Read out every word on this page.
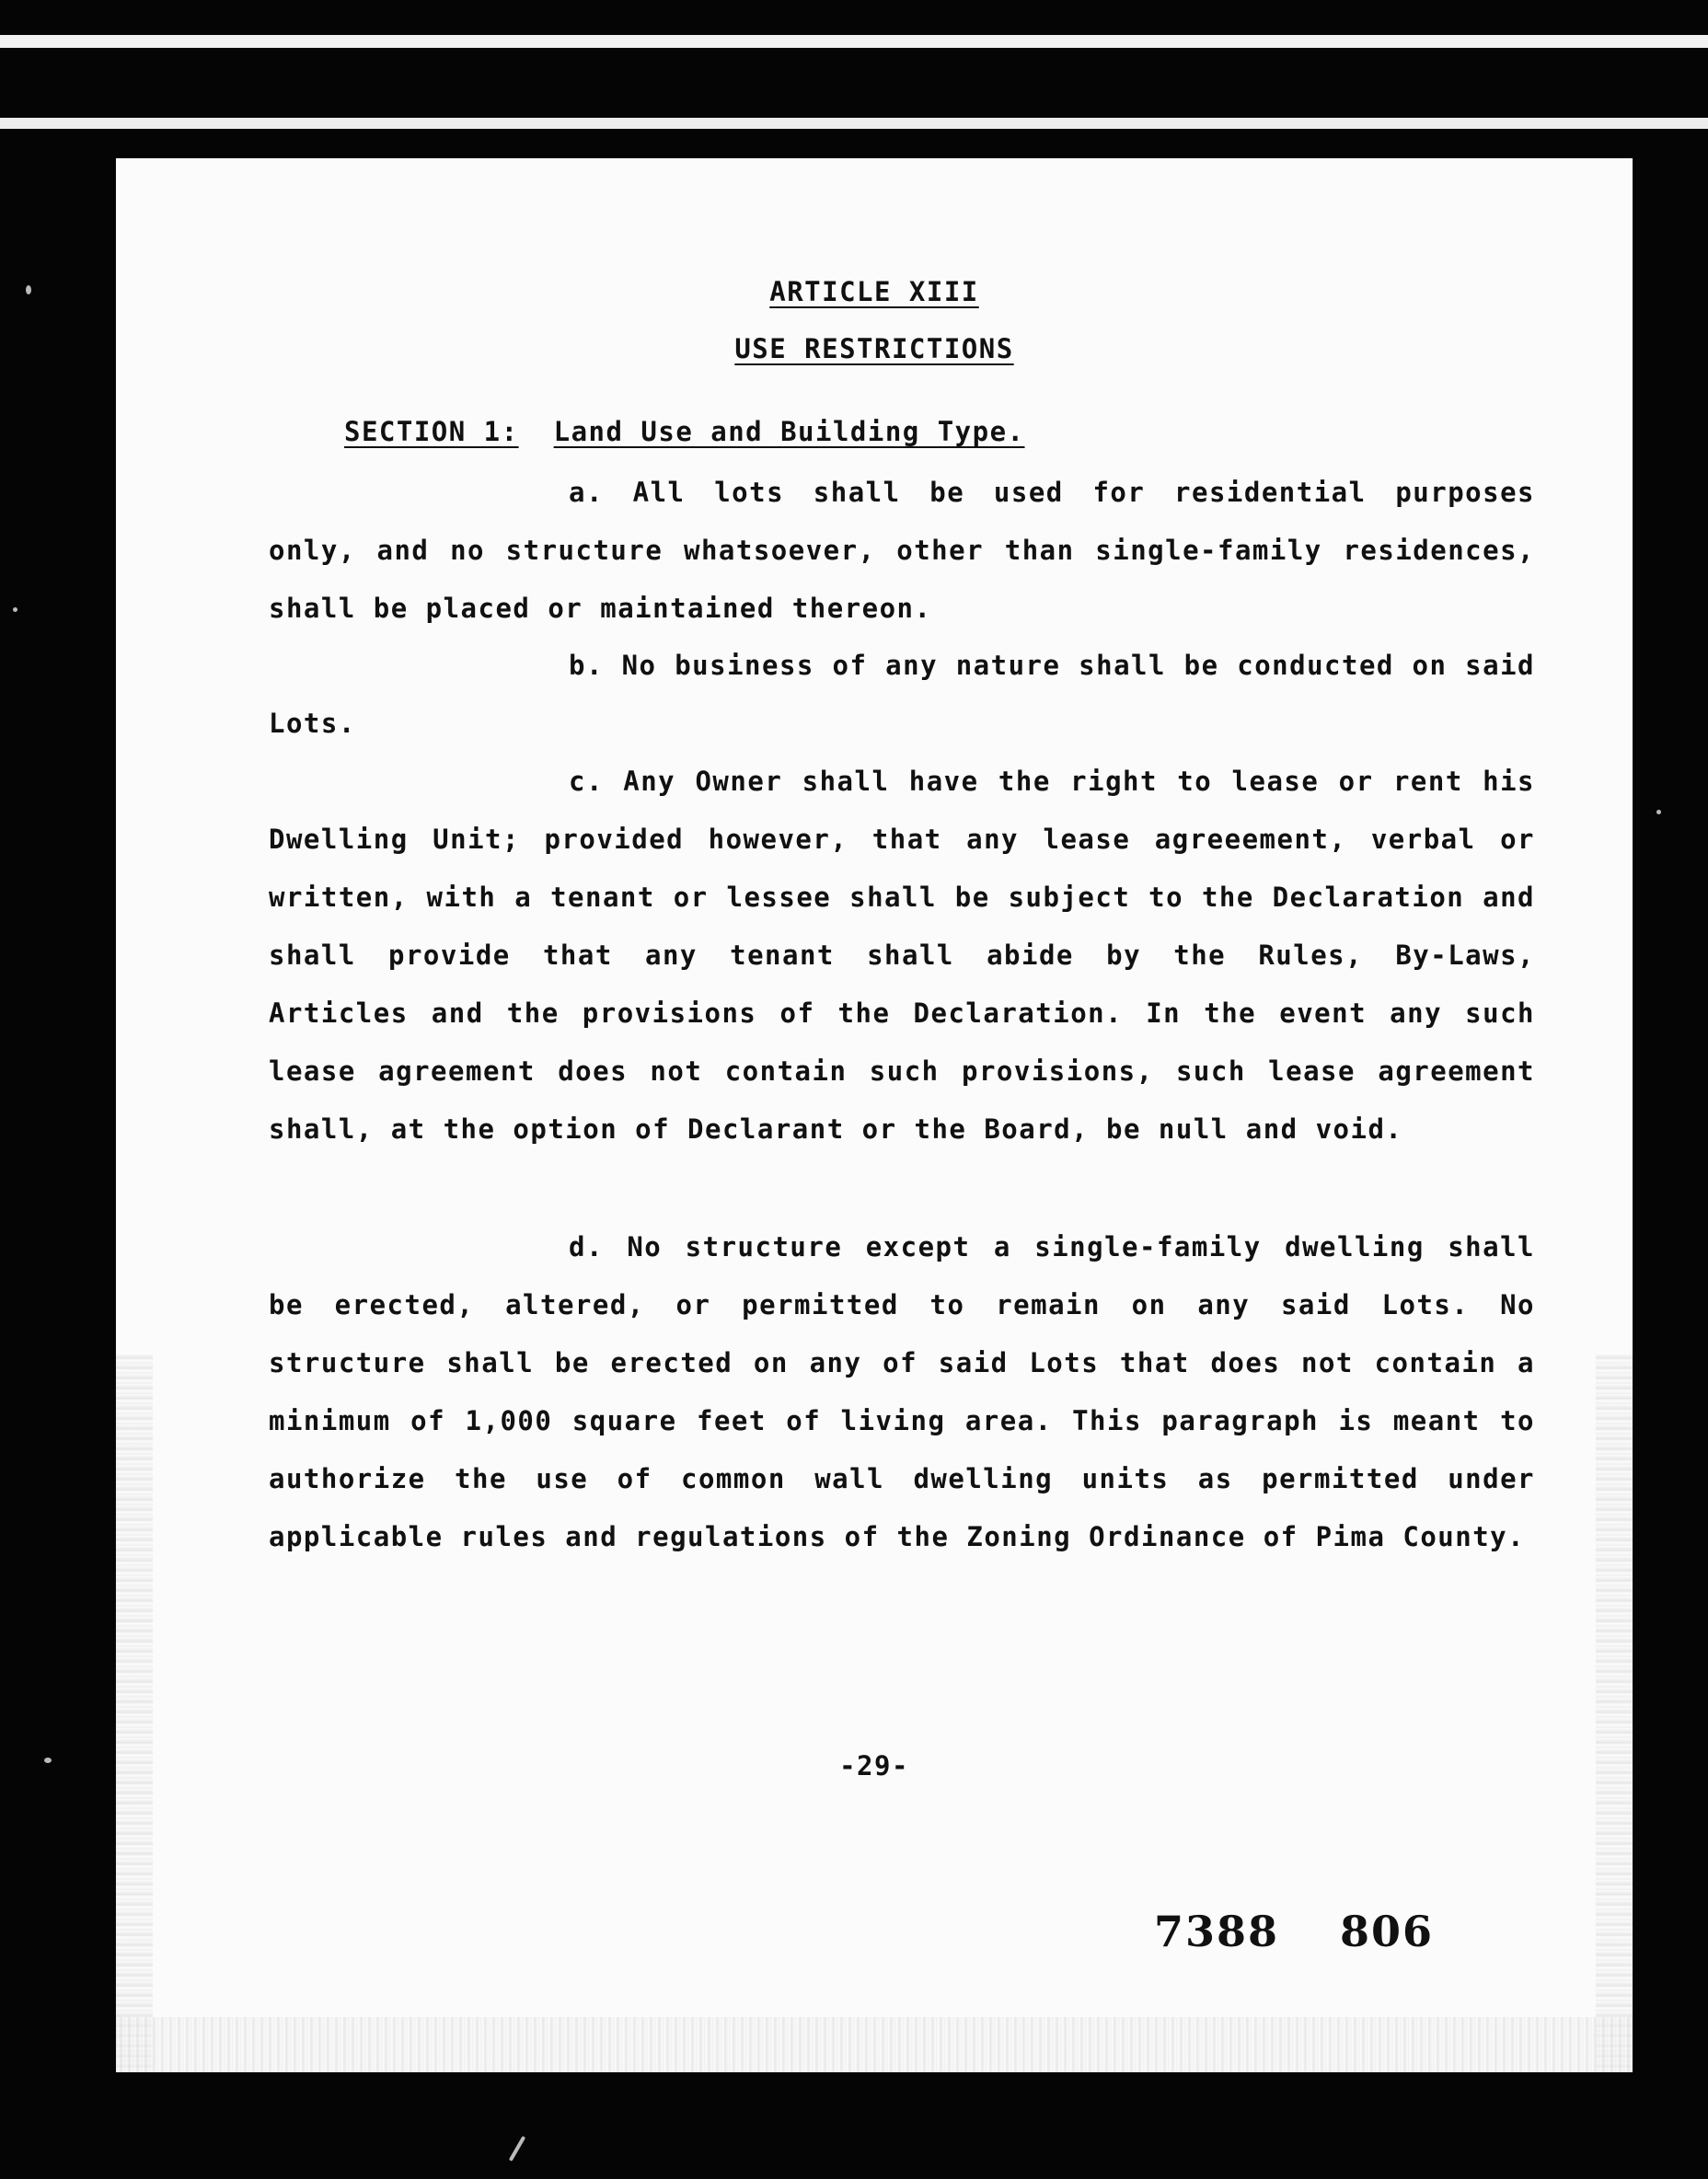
ARTICLE XIII
USE RESTRICTIONS
SECTION 1: Land Use and Building Type.

a. All lots shall be used for residential purposes only, and no structure whatsoever, other than single-family residences, shall be placed or maintained thereon.

b. No business of any nature shall be conducted on said Lots.

c. Any Owner shall have the right to lease or rent his Dwelling Unit; provided however, that any lease agreeement, verbal or written, with a tenant or lessee shall be subject to the Declaration and shall provide that any tenant shall abide by the Rules, By-Laws, Articles and the provisions of the Declaration. In the event any such lease agreement does not contain such provisions, such lease agreement shall, at the option of Declarant or the Board, be null and void.

d. No structure except a single-family dwelling shall be erected, altered, or permitted to remain on any said Lots. No structure shall be erected on any of said Lots that does not contain a minimum of 1,000 square feet of living area. This paragraph is meant to authorize the use of common wall dwelling units as permitted under applicable rules and regulations of the Zoning Ordinance of Pima County.

-29-
7388 806
